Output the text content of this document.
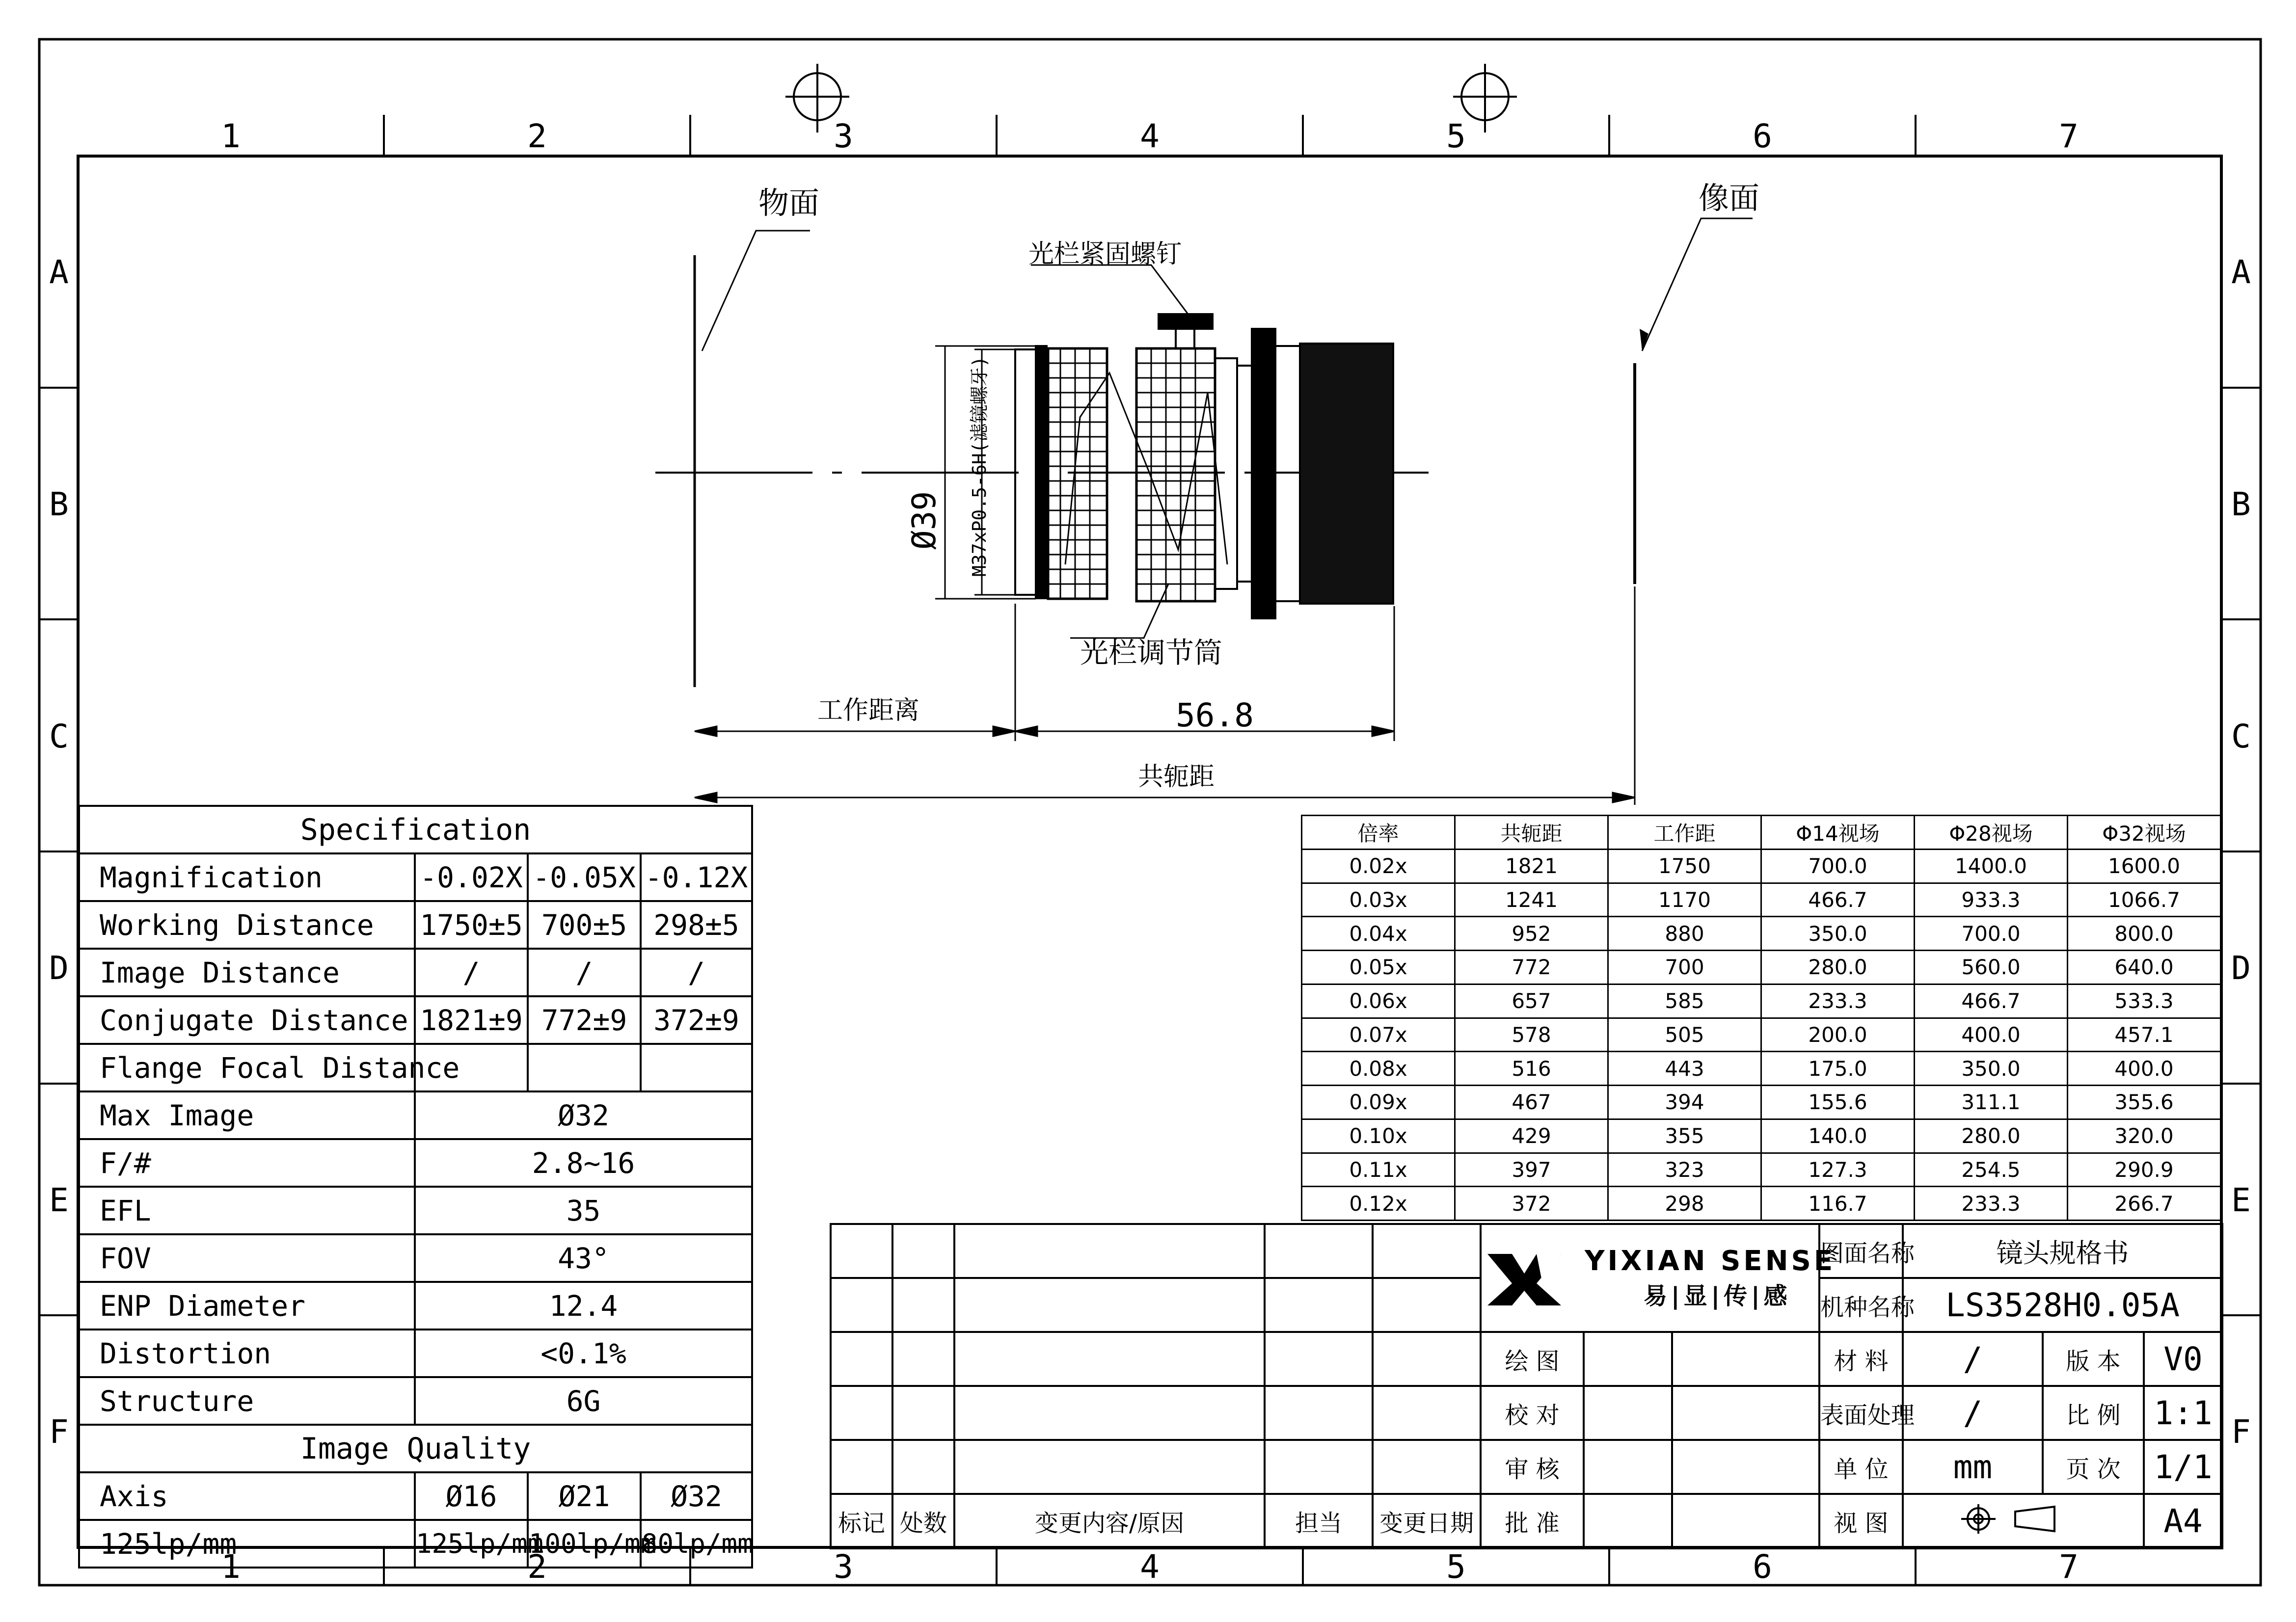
1	2	3	4	5	6	7
1	2	3	4	5	6	7
A
B
C
D
E
F
A
B
C
D
E
F
物面	像面
光栏紧固螺钉
光栏调节筒
Ø39 M37xP0.5-6H(滤镜螺牙)
工作距离	56.8
共轭距
Specification			
Magnification	-0.02X	-0.05X	-0.12X
Working Distance	1750±5	700±5	298±5
Image Distance	/	/	/
Conjugate Distance	1821±9	772±9	372±9
Flange Focal Distance			
Max Image	Ø32		
F/#	2.8~16		
EFL	35		
FOV	43°		
ENP Diameter	12.4		
Distortion	<0.1%		
Structure	6G		
Image Quality			
Axis	Ø16	Ø21	Ø32
125lp/mm	125lp/mm	100lp/mm	80lp/mm
倍率	共轭距	工作距	Φ14视场	Φ28视场	Φ32视场
0.02x	1821	1750	700.0	1400.0	1600.0
0.03x	1241	1170	466.7	933.3	1066.7
0.04x	952	880	350.0	700.0	800.0
0.05x	772	700	280.0	560.0	640.0
0.06x	657	585	233.3	466.7	533.3
0.07x	578	505	200.0	400.0	457.1
0.08x	516	443	175.0	350.0	400.0
0.09x	467	394	155.6	311.1	355.6
0.10x	429	355	140.0	280.0	320.0
0.11x	397	323	127.3	254.5	290.9
0.12x	372	298	116.7	233.3	266.7

					YIXIAN SENSE
易|显|传|感			图面名称	镜头规格书		
								机种名称	LS3528H0.05A		
					绘 图			材 料	/	版 本	V0
					校 对			表面处理	/	比 例	1:1
					审 核			单 位	mm	页 次	1/1
标记	处数	变更内容/原因	担当	变更日期	批 准			视 图			A4
